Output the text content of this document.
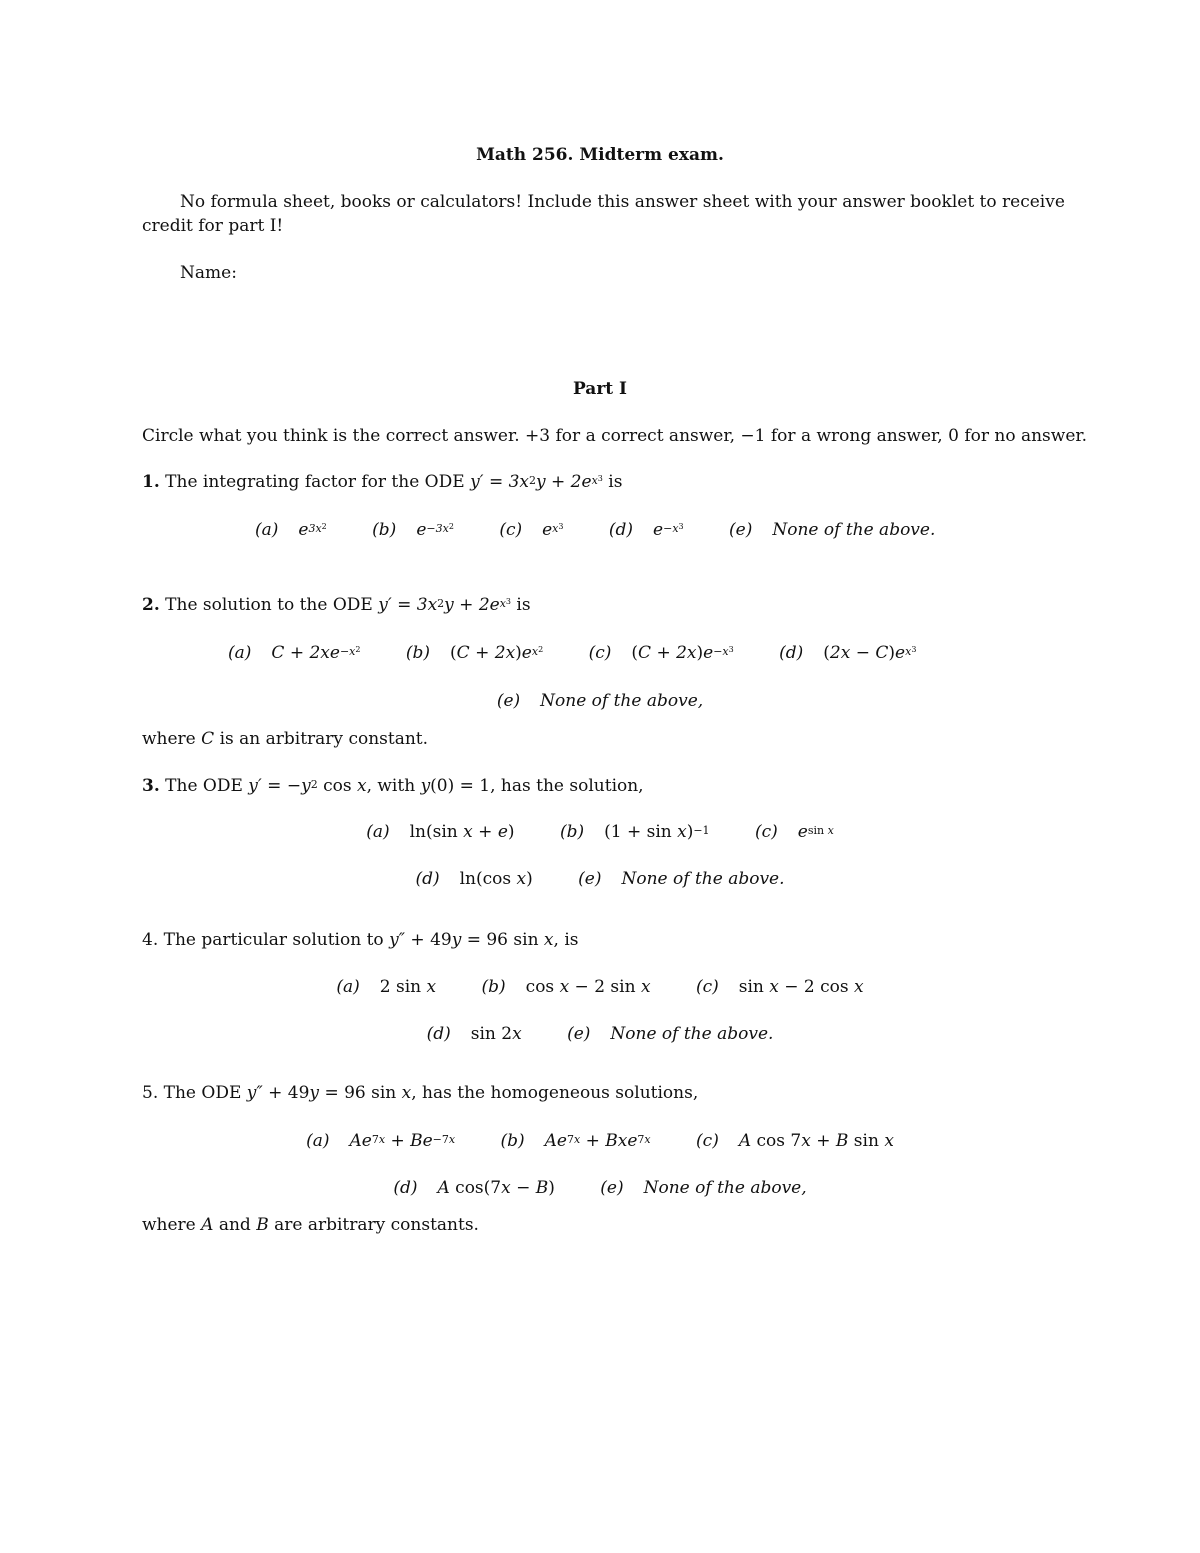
Math 256. Midterm exam.
No formula sheet, books or calculators! Include this answer sheet with your answer booklet to receive
credit for part I!
Name:
Part I
Circle what you think is the correct answer. +3 for a correct answer, −1 for a wrong answer, 0 for no answer.
1. The integrating factor for the ODE $y' = 3x^2y + 2e^{x^3}$ is
(a) $e^{3x^2}$	(b) $e^{-3x^2}$	(c) $e^{x^3}$	(d) $e^{-x^3}$	(e) None of the above.
2. The solution to the ODE $y' = 3x^2y + 2e^{x^3}$ is
(a) $C + 2xe^{-x^2}$	(b) $(C + 2x)e^{x^2}$	(c) $(C + 2x)e^{-x^3}$	(d) $(2x - C)e^{x^3}$
(e) None of the above,
where C is an arbitrary constant.
3. The ODE $y' = -y^2$ cos x, with y(0) = 1, has the solution,
(a) ln(sin x + e)	(b) $(1 + \sin x)^{-1}$	(c) $e^{sin x}$
(d) ln(cos x)	(e) None of the above.
4. The particular solution to y″ + 49y = 96 sin x, is
(a) 2 sin x	(b) cos x − 2 sin x	(c) sin x − 2 cos x
(d) sin 2x	(e) None of the above.
5. The ODE y″ + 49y = 96 sin x, has the homogeneous solutions,
(a) $Ae^{7x} + Be^{-7x}$	(b) $Ae^{7x} + Bxe^{7x}$	(c) A cos 7x + B sin x
(d) A cos(7x − B)	(e) None of the above,
where A and B are arbitrary constants.
